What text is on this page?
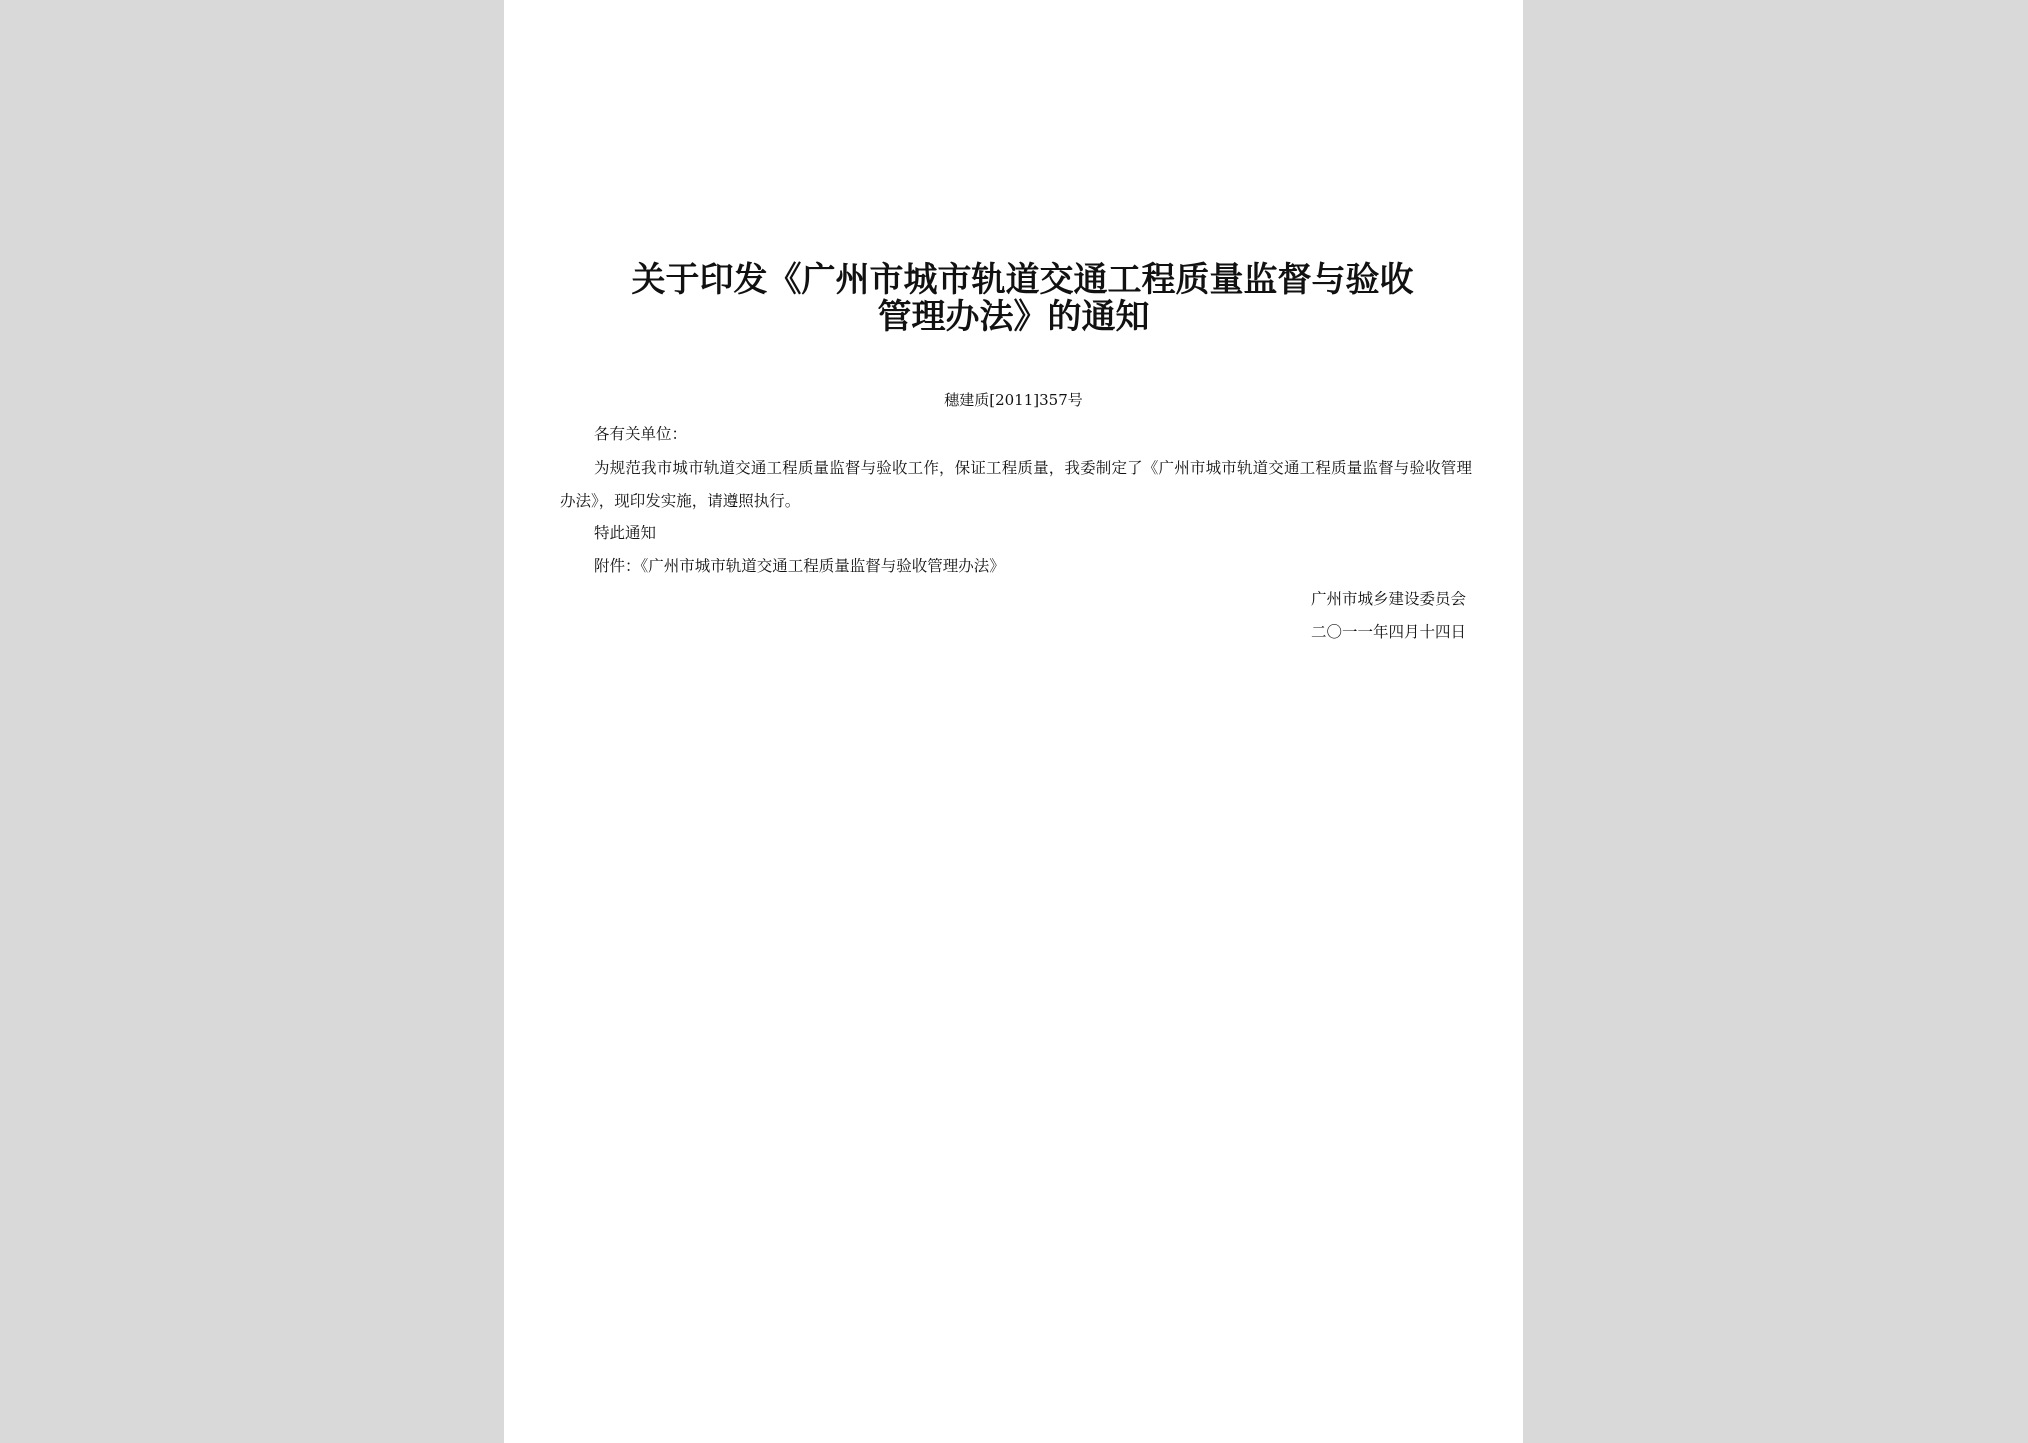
关于印发《广州市城市轨道交通工程质量监督与验收
管理办法》的通知
穗建质[2011]357号
各有关单位：
为规范我市城市轨道交通工程质量监督与验收工作，保证工程质量，我委制定了《广州市城市轨道交通工程质量监督与验收管理办法》，现印发实施，请遵照执行。
特此通知
附件：《广州市城市轨道交通工程质量监督与验收管理办法》
广州市城乡建设委员会
二〇一一年四月十四日
